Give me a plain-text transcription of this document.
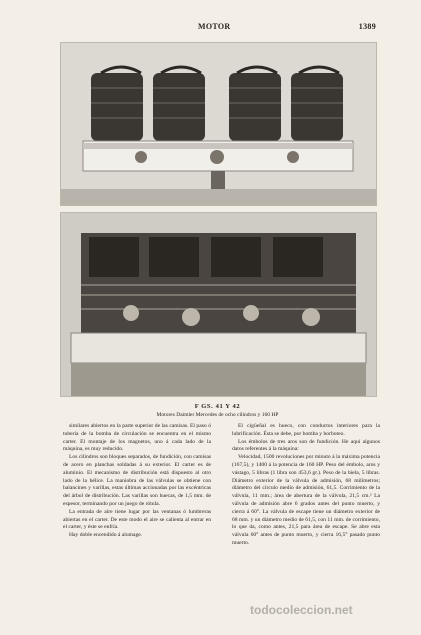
MOTOR	1389
F GS. 41 Y 42
Motores Daimler Mercedes de ocho cilindros y 160 HP

similares abiertos en la parte superior de las camisas. El paso ó tubería de la bomba de circulación se encuentra en el mismo carter. El montaje de los magnetos, uno á cada lado de la máquina, es muy reducido.

Los cilindros son bloques separados, de fundición, con camisas de acero en planchas soldadas á su exterior. El carter es de aluminio. El mecanismo de distribución está dispuesto al otro lado de la hélice. La maniobra de las válvulas se obtiene con balancines y varillas, estas últimas accionadas por las excéntricas del árbol de distribución. Las varillas son huecas, de 1,5 mm. de espesor, terminando por un juego de rótula.

La entrada de aire tiene lugar por las ventanas ó lumbreras abiertas en el carter. De este modo el aire se calienta al entrar en el carter, y éste se enfría.

Hay doble encendido á alumage.

El cigüeñal es hueco, con conductos interiores para la lubrificación. Ésta se debe, por bomba y borboteo.

Los émbolos de tres aros son de fundición. He aquí algunos datos referentes á la máquina:

Velocidad, 1500 revoluciones por minuto á la máxima potencia (167,5), y 1400 á la potencia de 160 HP. Peso del émbolo, aros y vástago, 5 libras (1 libra son 453,6 gr.). Peso de la biela, 5 libras. Diámetro exterior de la válvula de admisión, 68 milímetros; diámetro del círculo medio de admisión, 61,5. Corrimiento de la válvula, 11 mm.; área de abertura de la válvula, 21,5 cm.² La válvula de admisión abre 6 grados antes del punto muerto, y cierra á 60°. La válvula de escape tiene un diámetro exterior de 68 mm. y un diámetro medio de 61,5, con 11 mm. de corrimiento, lo que da, como antes, 21,5 para área de escape. Se abre esta válvula 60° antes de punto muerto, y cierra 16,5° pasado punto muerto.

todocoleccion.net
